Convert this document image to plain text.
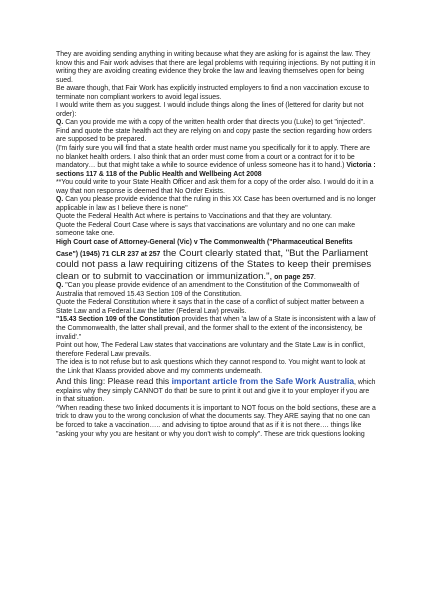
They are avoiding sending anything in writing because what they are asking for is against the law. They know this and Fair work advises that there are legal problems with requiring injections. By not putting it in writing they are avoiding creating evidence they broke the law and leaving themselves open for being sued.

Be aware though, that Fair Work has explicitly instructed employers to find a non vaccination excuse to terminate non compliant workers to avoid legal issues.

I would write them as you suggest. I would include things along the lines of (lettered for clarity but not order):

Q. Can you provide me with a copy of the written health order that directs you (Luke) to get "injected". Find and quote the state health act they are relying on and copy paste the section regarding how orders are supposed to be prepared.

(I'm fairly sure you will find that a state health order must name you specifically for it to apply. There are no blanket health orders. I also think that an order must come from a court or a contract for it to be mandatory… but that might take a while to source evidence of unless someone has it to hand.) Victoria : sections 117 & 118 of the Public Health and Wellbeing Act 2008

**You could write to your State Health Officer and ask them for a copy of the order also. I would do it in a way that non response is deemed that No Order Exists.

Q. Can you please provide evidence that the ruling in this XX Case has been overturned and is no longer applicable in law as I believe there is none''

Quote the Federal Health Act where is pertains to Vaccinations and that they are voluntary.

Quote the Federal Court Case where is says that vaccinations are voluntary and no one can make someone take one.

High Court case of Attorney-General (Vic) v The Commonwealth ("Pharmaceutical Benefits Case") (1945) 71 CLR 237 at 257 the Court clearly stated that, "But the Parliament could not pass a law requiring citizens of the States to keep their premises clean or to submit to vaccination or immunization.", on page 257.

Q. "Can you please provide evidence of an amendment to the Constitution of the Commonwealth of Australia that removed 15.43 Section 109 of the Constitution.

Quote the Federal Constitution where it says that in the case of a conflict of subject matter between a State Law and a Federal Law the latter (Federal Law) prevails.

"15.43 Section 109 of the Constitution provides that when 'a law of a State is inconsistent with a law of the Commonwealth, the latter shall prevail, and the former shall to the extent of the inconsistency, be invalid'."

Point out how, The Federal Law states that vaccinations are voluntary and the State Law is in conflict, therefore Federal Law prevails.

The idea is to not refuse but to ask questions which they cannot respond to. You might want to look at the Link that Klaass provided above and my comments underneath.

And this ling: Please read this important article from the Safe Work Australia, which explains why they simply CANNOT do that! be sure to print it out and give it to your employer if you are in that situation.

^When reading these two linked documents it is important to NOT focus on the bold sections, these are a trick to draw you to the wrong conclusion of what the documents say. They ARE saying that no one can be forced to take a vaccination….. and advising to tiptoe around that as if it is not there…. things like "asking your why you are hesitant or why you don't wish to comply". These are trick questions looking
